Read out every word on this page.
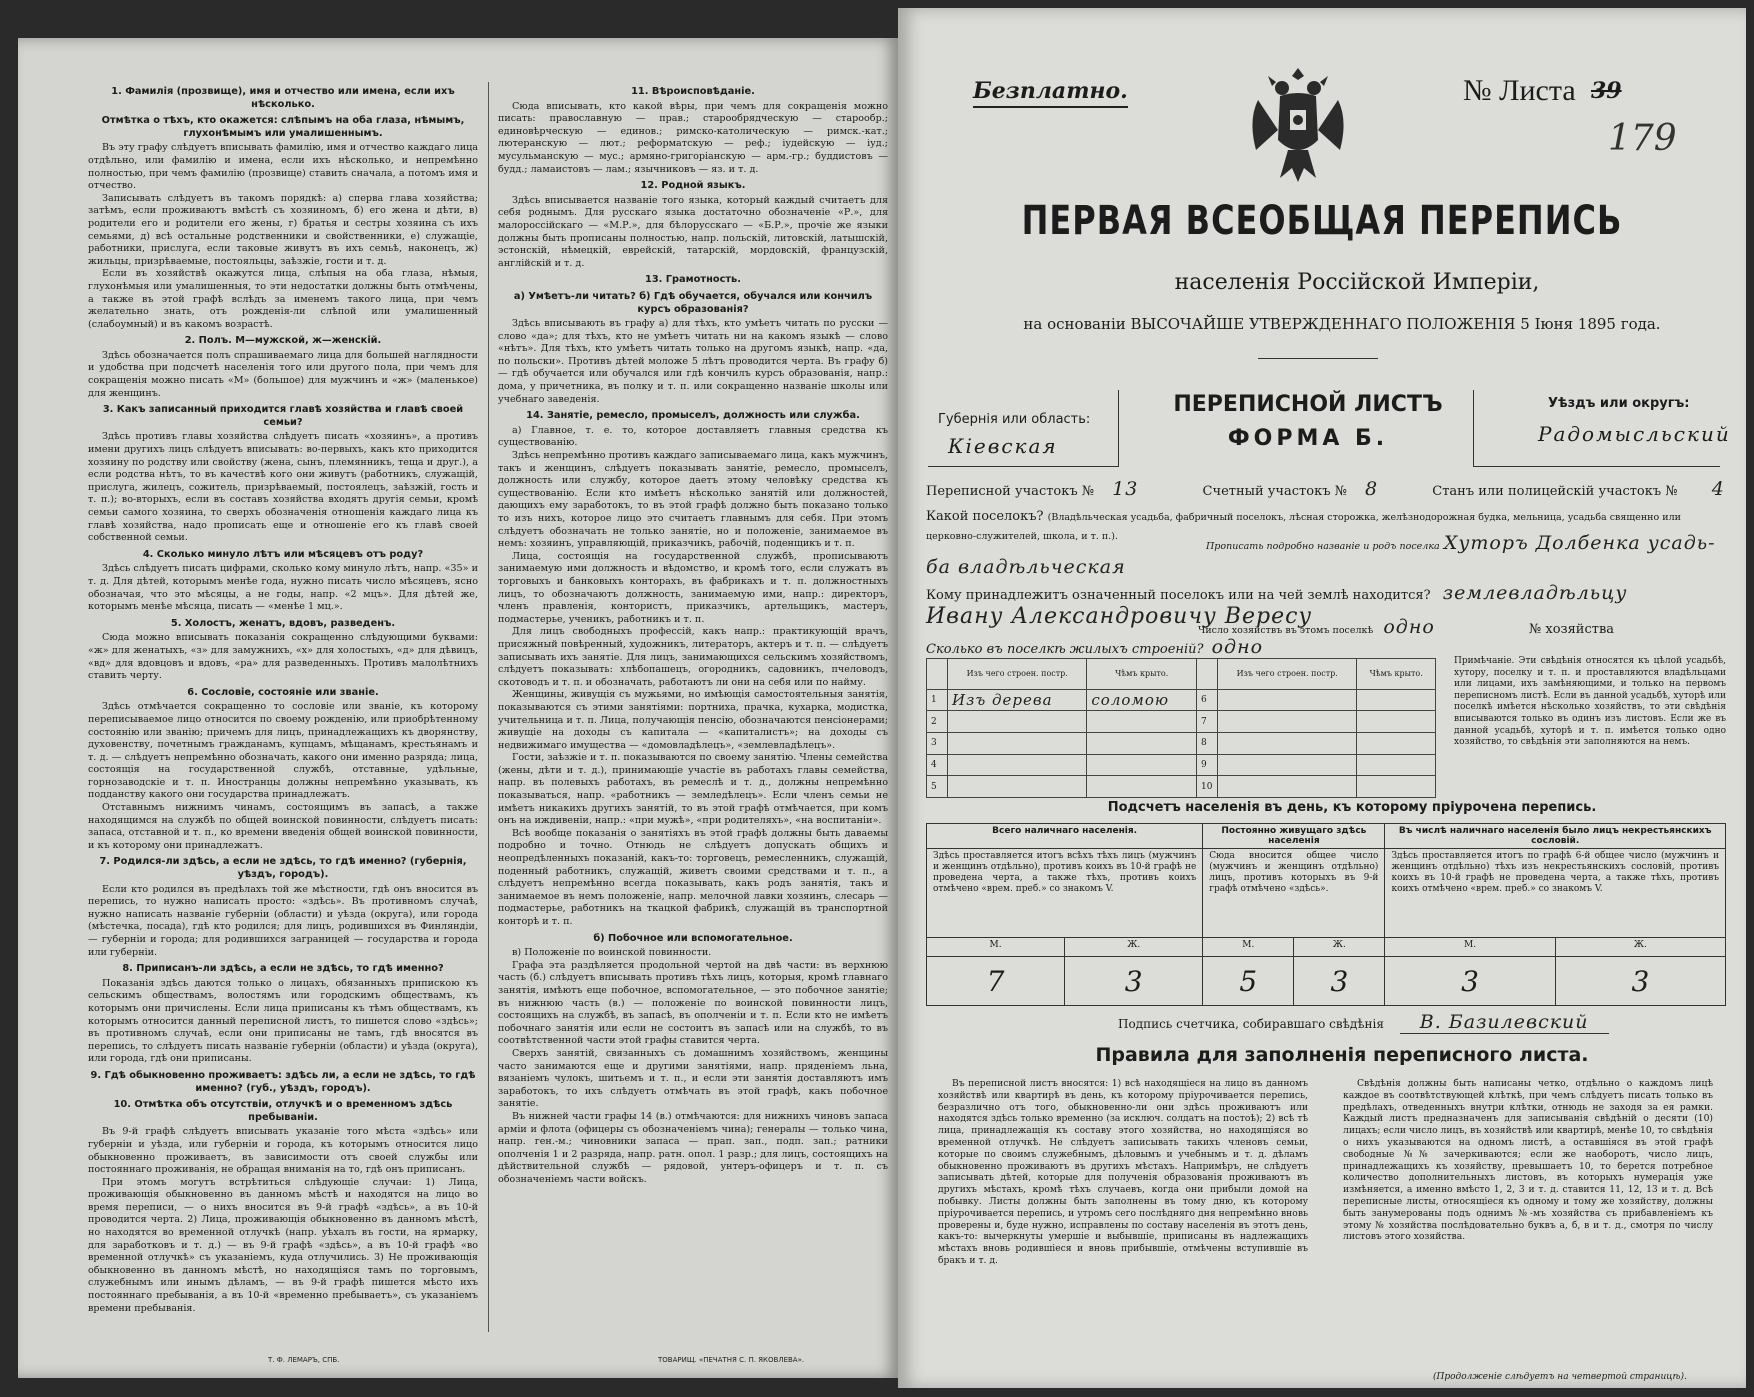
1. Фамилія (прозвище), имя и отчество или имена, если ихъ нѣсколько.
Отмѣтка о тѣхъ, кто окажется: слѣпымъ на оба глаза, нѣмымъ, глухонѣмымъ или умалишеннымъ.

Въ эту графу слѣдуетъ вписывать фамилію, имя и отчество каждаго лица отдѣльно, или фамилію и имена, если ихъ нѣсколько, и непремѣнно полностью, при чемъ фамилію (прозвище) ставить сначала, а потомъ имя и отчество.

Записывать слѣдуетъ въ такомъ порядкѣ: а) сперва глава хозяйства; затѣмъ, если проживаютъ вмѣстѣ съ хозяиномъ, б) его жена и дѣти, в) родители его и родители его жены, г) братья и сестры хозяина съ ихъ семьями, д) всѣ остальные родственники и свойственники, е) служащіе, работники, прислуга, если таковые живутъ въ ихъ семьѣ, наконецъ, ж) жильцы, призрѣваемые, постояльцы, заѣзжіе, гости и т. д.

Если въ хозяйствѣ окажутся лица, слѣпыя на оба глаза, нѣмыя, глухонѣмыя или умалишенныя, то эти недостатки должны быть отмѣчены, а также въ этой графѣ вслѣдъ за именемъ такого лица, при чемъ желательно знать, отъ рожденія-ли слѣпой или умалишенный (слабоумный) и въ какомъ возрастѣ.

2. Полъ. М—мужской, ж—женскій.

Здѣсь обозначается полъ спрашиваемаго лица для большей наглядности и удобства при подсчетѣ населенія того или другого пола, при чемъ для сокращенія можно писать «М» (большое) для мужчинъ и «ж» (маленькое) для женщинъ.

3. Какъ записанный приходится главѣ хозяйства и главѣ своей семьи?

Здѣсь противъ главы хозяйства слѣдуетъ писать «хозяинъ», а противъ имени другихъ лицъ слѣдуетъ вписывать: во-первыхъ, какъ кто приходится хозяину по родству или свойству (жена, сынъ, племянникъ, теща и друг.), а если родства нѣтъ, то въ качествѣ кого они живутъ (работникъ, служащій, прислуга, жилецъ, сожитель, призрѣваемый, постоялецъ, заѣзжій, гость и т. п.); во-вторыхъ, если въ составъ хозяйства входятъ другія семьи, кромѣ семьи самого хозяина, то сверхъ обозначенія отношенія каждаго лица къ главѣ хозяйства, надо прописать еще и отношеніе его къ главѣ своей собственной семьи.

4. Сколько минуло лѣтъ или мѣсяцевъ отъ роду?

Здѣсь слѣдуетъ писать цифрами, сколько кому минуло лѣтъ, напр. «35» и т. д. Для дѣтей, которымъ менѣе года, нужно писать число мѣсяцевъ, ясно обозначая, что это мѣсяцы, а не годы, напр. «2 мцъ». Для дѣтей же, которымъ менѣе мѣсяца, писать — «менѣе 1 мц.».

5. Холостъ, женатъ, вдовъ, разведенъ.

Сюда можно вписывать показанія сокращенно слѣдующими буквами: «ж» для женатыхъ, «з» для замужнихъ, «х» для холостыхъ, «д» для дѣвицъ, «вд» для вдовцовъ и вдовъ, «ра» для разведенныхъ. Противъ малолѣтнихъ ставить черту.

6. Сословіе, состояніе или званіе.

Здѣсь отмѣчается сокращенно то сословіе или званіе, къ которому переписываемое лицо относится по своему рожденію, или приобрѣтенному состоянію или званію; причемъ для лицъ, принадлежащихъ къ дворянству, духовенству, почетнымъ гражданамъ, купцамъ, мѣщанамъ, крестьянамъ и т. д. — слѣдуетъ непремѣнно обозначать, какого они именно разряда; лица, состоящія на государственной службѣ, отставные, удѣльные, горнозаводскіе и т. п. Иностранцы должны непремѣнно указывать, къ подданству какого они государства принадлежатъ.

Отставнымъ нижнимъ чинамъ, состоящимъ въ запасѣ, а также находящимся на службѣ по общей воинской повинности, слѣдуетъ писать: запаса, отставной и т. п., ко времени введенія общей воинской повинности, и къ которому они принадлежатъ.

7. Родился-ли здѣсь, а если не здѣсь, то гдѣ именно? (губернія, уѣздъ, городъ).

Если кто родился въ предѣлахъ той же мѣстности, гдѣ онъ вносится въ перепись, то нужно написать просто: «здѣсь». Въ противномъ случаѣ, нужно написать названіе губерніи (области) и уѣзда (округа), или города (мѣстечка, посада), гдѣ кто родился; для лицъ, родившихся въ Финляндіи, — губерніи и города; для родившихся заграницей — государства и города или губерніи.

8. Приписанъ-ли здѣсь, а если не здѣсь, то гдѣ именно?

Показанія здѣсь даются только о лицахъ, обязанныхъ припискою къ сельскимъ обществамъ, волостямъ или городскимъ обществамъ, къ которымъ они причислены. Если лица приписаны къ тѣмъ обществамъ, къ которымъ относится данный переписной листъ, то пишется слово «здѣсь»; въ противномъ случаѣ, если они приписаны не тамъ, гдѣ вносятся въ перепись, то слѣдуетъ писать названіе губерніи (области) и уѣзда (округа), или города, гдѣ они приписаны.

9. Гдѣ обыкновенно проживаетъ: здѣсь ли, а если не здѣсь, то гдѣ именно? (губ., уѣздъ, городъ).
10. Отмѣтка объ отсутствіи, отлучкѣ и о временномъ здѣсь пребываніи.

Въ 9-й графѣ слѣдуетъ вписывать указаніе того мѣста «здѣсь» или губерніи и уѣзда, или губерніи и города, къ которымъ относится лицо обыкновенно проживаетъ, въ зависимости отъ своей службы или постояннаго проживанія, не обращая вниманія на то, гдѣ онъ приписанъ.

При этомъ могутъ встрѣтиться слѣдующіе случаи: 1) Лица, проживающія обыкновенно въ данномъ мѣстѣ и находятся на лицо во время переписи, — о нихъ вносится въ 9-й графѣ «здѣсь», а въ 10-й проводится черта. 2) Лица, проживающія обыкновенно въ данномъ мѣстѣ, но находятся во временной отлучкѣ (напр. уѣхалъ въ гости, на ярмарку, для заработковъ и т. д.) — въ 9-й графѣ «здѣсь», а въ 10-й графѣ «во временной отлучкѣ» съ указаніемъ, куда отлучились. 3) Не проживающія обыкновенно въ данномъ мѣстѣ, но находящіяся тамъ по торговымъ, служебнымъ или инымъ дѣламъ, — въ 9-й графѣ пишется мѣсто ихъ постояннаго пребыванія, а въ 10-й «временно пребываетъ», съ указаніемъ времени пребыванія.

11. Вѣроисповѣданіе.

Сюда вписывать, кто какой вѣры, при чемъ для сокращенія можно писать: православную — прав.; старообрядческую — старообр.; единовѣрческую — единов.; римско-католическую — римск.-кат.; лютеранскую — лют.; реформатскую — реф.; іудейскую — іуд.; мусульманскую — мус.; армяно-григоріанскую — арм.-гр.; буддистовъ — будд.; ламаистовъ — лам.; язычниковъ — яз. и т. д.

12. Родной языкъ.

Здѣсь вписывается названіе того языка, который каждый считаетъ для себя роднымъ. Для русскаго языка достаточно обозначеніе «Р.», для малороссійскаго — «М.Р.», для бѣлорусскаго — «Б.Р.», прочіе же языки должны быть прописаны полностью, напр. польскій, литовскій, латышскій, эстонскій, нѣмецкій, еврейскій, татарскій, мордовскій, французскій, англійскій и т. д.

13. Грамотность.
а) Умѣетъ-ли читать? б) Гдѣ обучается, обучался или кончилъ курсъ образованія?

Здѣсь вписывають въ графу а) для тѣхъ, кто умѣетъ читать по русски — слово «да»; для тѣхъ, кто не умѣетъ читать ни на какомъ языкѣ — слово «нѣтъ». Для тѣхъ, кто умѣетъ читать только на другомъ языкѣ, напр. «да, по польски». Противъ дѣтей моложе 5 лѣтъ проводится черта. Въ графу б) — гдѣ обучается или обучался или гдѣ кончилъ курсъ образованія, напр.: дома, у причетника, въ полку и т. п. или сокращенно названіе школы или учебнаго заведенія.

14. Занятіе, ремесло, промыселъ, должность или служба.

а) Главное, т. е. то, которое доставляетъ главныя средства къ существованію.

Здѣсь непремѣнно противъ каждаго записываемаго лица, какъ мужчинъ, такъ и женщинъ, слѣдуетъ показывать занятіе, ремесло, промыселъ, должность или службу, которое даетъ этому человѣку средства къ существованію. Если кто имѣетъ нѣсколько занятій или должностей, дающихъ ему заработокъ, то въ этой графѣ должно быть показано только то изъ нихъ, которое лицо это считаетъ главнымъ для себя. При этомъ слѣдуетъ обозначать не только занятіе, но и положеніе, занимаемое въ немъ: хозяинъ, управляющій, приказчикъ, рабочій, поденщикъ и т. п.

Лица, состоящія на государственной службѣ, прописываютъ занимаемую ими должность и вѣдомство, и кромѣ того, если служатъ въ торговыхъ и банковыхъ конторахъ, въ фабрикахъ и т. п. должностныхъ лицъ, то обозначаютъ должность, занимаемую ими, напр.: директоръ, членъ правленія, контористъ, приказчикъ, артельщикъ, мастеръ, подмастерье, ученикъ, работникъ и т. п.

Для лицъ свободныхъ профессій, какъ напр.: практикующій врачъ, присяжный повѣренный, художникъ, литераторъ, актеръ и т. п. — слѣдуетъ записывать ихъ занятіе. Для лицъ, занимающихся сельскимъ хозяйствомъ, слѣдуетъ показывать: хлѣбопашецъ, огородникъ, садовникъ, пчеловодъ, скотоводъ и т. п. и обозначать, работаютъ ли они на себя или по найму.

Женщины, живущія съ мужьями, но имѣющія самостоятельныя занятія, показываются съ этими занятіями: портниха, прачка, кухарка, модистка, учительница и т. п. Лица, получающія пенсію, обозначаются пенсіонерами; живущіе на доходы съ капитала — «капиталистъ»; на доходы съ недвижимаго имущества — «домовладѣлецъ», «землевладѣлецъ».

Гости, заѣзжіе и т. п. показываются по своему занятію. Члены семейства (жены, дѣти и т. д.), принимающіе участіе въ работахъ главы семейства, напр. въ полевыхъ работахъ, въ ремеслѣ и т. д., должны непремѣнно показываться, напр. «работникъ — земледѣлецъ». Если членъ семьи не имѣетъ никакихъ другихъ занятій, то въ этой графѣ отмѣчается, при комъ онъ на иждивеніи, напр.: «при мужѣ», «при родителяхъ», «на воспитаніи».

Всѣ вообще показанія о занятіяхъ въ этой графѣ должны быть даваемы подробно и точно. Отнюдь не слѣдуетъ допускать общихъ и неопредѣленныхъ показаній, какъ-то: торговецъ, ремесленникъ, служащій, поденный работникъ, служащій, живетъ своими средствами и т. п., а слѣдуетъ непремѣнно всегда показывать, какъ родъ занятія, такъ и занимаемое въ немъ положеніе, напр. мелочной лавки хозяинъ, слесарь — подмастерье, работникъ на ткацкой фабрикѣ, служащій въ транспортной конторѣ и т. п.

б) Побочное или вспомогательное.

в) Положеніе по воинской повинности.

Графа эта раздѣляется продольной чертой на двѣ части: въ верхнюю часть (б.) слѣдуетъ вписывать противъ тѣхъ лицъ, которыя, кромѣ главнаго занятія, имѣютъ еще побочное, вспомогательное, — это побочное занятіе; въ нижнюю часть (в.) — положеніе по воинской повинности лицъ, состоящихъ на службѣ, въ запасѣ, въ ополченіи и т. п. Если кто не имѣетъ побочнаго занятія или если не состоитъ въ запасѣ или на службѣ, то въ соотвѣтственной части этой графы ставится черта.

Сверхъ занятій, связанныхъ съ домашнимъ хозяйствомъ, женщины часто занимаются еще и другими занятіями, напр. пряденіемъ льна, вязаніемъ чулокъ, шитьемъ и т. п., и если эти занятія доставляютъ имъ заработокъ, то ихъ слѣдуетъ отмѣчать въ этой графѣ, какъ побочное занятіе.

Въ нижней части графы 14 (в.) отмѣчаются: для нижнихъ чиновъ запаса арміи и флота (офицеры съ обозначеніемъ чина); генералы — только чина, напр. ген.-м.; чиновники запаса — прап. зап., подп. зап.; ратники ополченія 1 и 2 разряда, напр. ратн. опол. 1 разр.; для лицъ, состоящихъ на дѣйствительной службѣ — рядовой, унтеръ-офицеръ и т. п. съ обозначеніемъ части войскъ.

Т. Ф. ЛЕМАРЪ, СПБ.	ТОВАРИЩ. «ПЕЧАТНЯ С. П. ЯКОВЛЕВА».
Безплатно.	№ Листа 39
179
ПЕРВАЯ ВСЕОБЩАЯ ПЕРЕПИСЬ
населенія Россійской Имперіи,
на основаніи ВЫСОЧАЙШЕ УТВЕРЖДЕННАГО ПОЛОЖЕНІЯ 5 Іюня 1895 года.
Губернія или область:
Кiевская
ПЕРЕПИСНОЙ ЛИСТЪ
ФОРМА Б.
Уѣздъ или округъ:
Радомысльский
Переписной участокъ № 13	Счетный участокъ № 8	Станъ или полицейскій участокъ № 4
Какой поселокъ? (Владѣльческая усадьба, фабричный поселокъ, лѣсная сторожка, желѣзнодорожная будка, мельница, усадьба священно или церковно-служителей, школа, и т. п.).
Прописать подробно названіе и родъ поселка Хуторъ Долбенка усадь-
ба владѣльческая
Кому принадлежитъ означенный поселокъ или на чей землѣ находится? землевладѣльцу
Ивану Александровичу Вересу
Число хозяйствъ въ этомъ поселкѣ одно	№ хозяйства
Сколько въ поселкѣ жилыхъ строеній? одно
	Изъ чего строен. постр.	Чѣмъ крыто.		Изъ чего строен. постр.	Чѣмъ крыто.
1	Изъ дерева	соломою	6		
2			7		
3			8		
4			9		
5			10		
Примѣчаніе. Эти свѣдѣнія относятся къ цѣлой усадьбѣ, хутору, поселку и т. п. и проставляются владѣльцами или лицами, ихъ замѣняющими, и только на первомъ переписномъ листѣ. Если въ данной усадьбѣ, хуторѣ или поселкѣ имѣется нѣсколько хозяйствъ, то эти свѣдѣнія вписываются только въ одинъ изъ листовъ. Если же въ данной усадьбѣ, хуторѣ и т. п. имѣется только одно хозяйство, то свѣдѣнія эти заполняются на немъ.
Подсчетъ населенія въ день, къ которому пріурочена перепись.
Всего наличнаго населенія.		Постоянно живущаго здѣсь населенія		Въ числѣ наличнаго населенія было лицъ некрестьянскихъ сословій.	
Здѣсь проставляется итогъ всѣхъ тѣхъ лицъ (мужчинъ и женщинъ отдѣльно), противъ коихъ въ 10-й графѣ не проведена черта, а также тѣхъ, противъ коихъ отмѣчено «врем. преб.» со знакомъ V.		Сюда вносится общее число (мужчинъ и женщинъ отдѣльно) лицъ, противъ которыхъ въ 9-й графѣ отмѣчено «здѣсь».		Здѣсь проставляется итогъ по графѣ 6-й общее число (мужчинъ и женщинъ отдѣльно) тѣхъ изъ некрестьянскихъ сословій, противъ коихъ въ 10-й графѣ не проведена черта, а также тѣхъ, противъ коихъ отмѣчено «врем. преб.» со знакомъ V.	
М.	Ж.	М.	Ж.	М.	Ж.
7	3	5	3	3	3
Подпись счетчика, собиравшаго свѣдѣнія В. Базилевский
Правила для заполненія переписного листа.

Въ переписной листъ вносятся: 1) всѣ находящіеся на лицо въ данномъ хозяйствѣ или квартирѣ въ день, къ которому пріурочивается перепись, безразлично отъ того, обыкновенно-ли они здѣсь проживаютъ или находятся здѣсь только временно (за исключ. солдатъ на постоѣ); 2) всѣ тѣ лица, принадлежащія къ составу этого хозяйства, но находящіяся во временной отлучкѣ. Не слѣдуетъ записывать такихъ членовъ семьи, которые по своимъ служебнымъ, дѣловымъ и учебнымъ и т. д. дѣламъ обыкновенно проживаютъ въ другихъ мѣстахъ. Напримѣръ, не слѣдуетъ записывать дѣтей, которые для полученія образованія проживаютъ въ другихъ мѣстахъ, кромѣ тѣхъ случаевъ, когда они прибыли домой на побывку. Листы должны быть заполнены въ тому дню, къ которому пріурочивается перепись, и утромъ сего послѣдняго дня непремѣнно вновь проверены и, буде нужно, исправлены по составу населенія въ этотъ день, какъ-то: вычеркнуты умершіе и выбывшіе, приписаны въ надлежащихъ мѣстахъ вновь родившіеся и вновь прибывшіе, отмѣчены вступившіе въ бракъ и т. д.

Свѣдѣнія должны быть написаны четко, отдѣльно о каждомъ лицѣ каждое въ соотвѣтствующей клѣткѣ, при чемъ слѣдуетъ писать только въ предѣлахъ, отведенныхъ внутри клѣтки, отнюдь не заходя за ея рамки. Каждый листъ предназначенъ для записыванія свѣдѣній о десяти (10) лицахъ; если число лицъ, въ хозяйствѣ или квартирѣ, менѣе 10, то свѣдѣнія о нихъ указываются на одномъ листѣ, а оставшіяся въ этой графѣ свободные №№ зачеркиваются; если же наоборотъ, число лицъ, принадлежащихъ къ хозяйству, превышаетъ 10, то берется потребное количество дополнительныхъ листовъ, въ которыхъ нумерація уже измѣняется, а именно вмѣсто 1, 2, 3 и т. д. ставится 11, 12, 13 и т. д. Всѣ переписные листы, относящіеся къ одному и тому же хозяйству, должны быть занумерованы подъ однимъ №-мъ хозяйства съ прибавленіемъ къ этому № хозяйства послѣдовательно буквъ а, б, в и т. д., смотря по числу листовъ этого хозяйства.

(Продолженіе слѣдуетъ на четвертой страницѣ).
